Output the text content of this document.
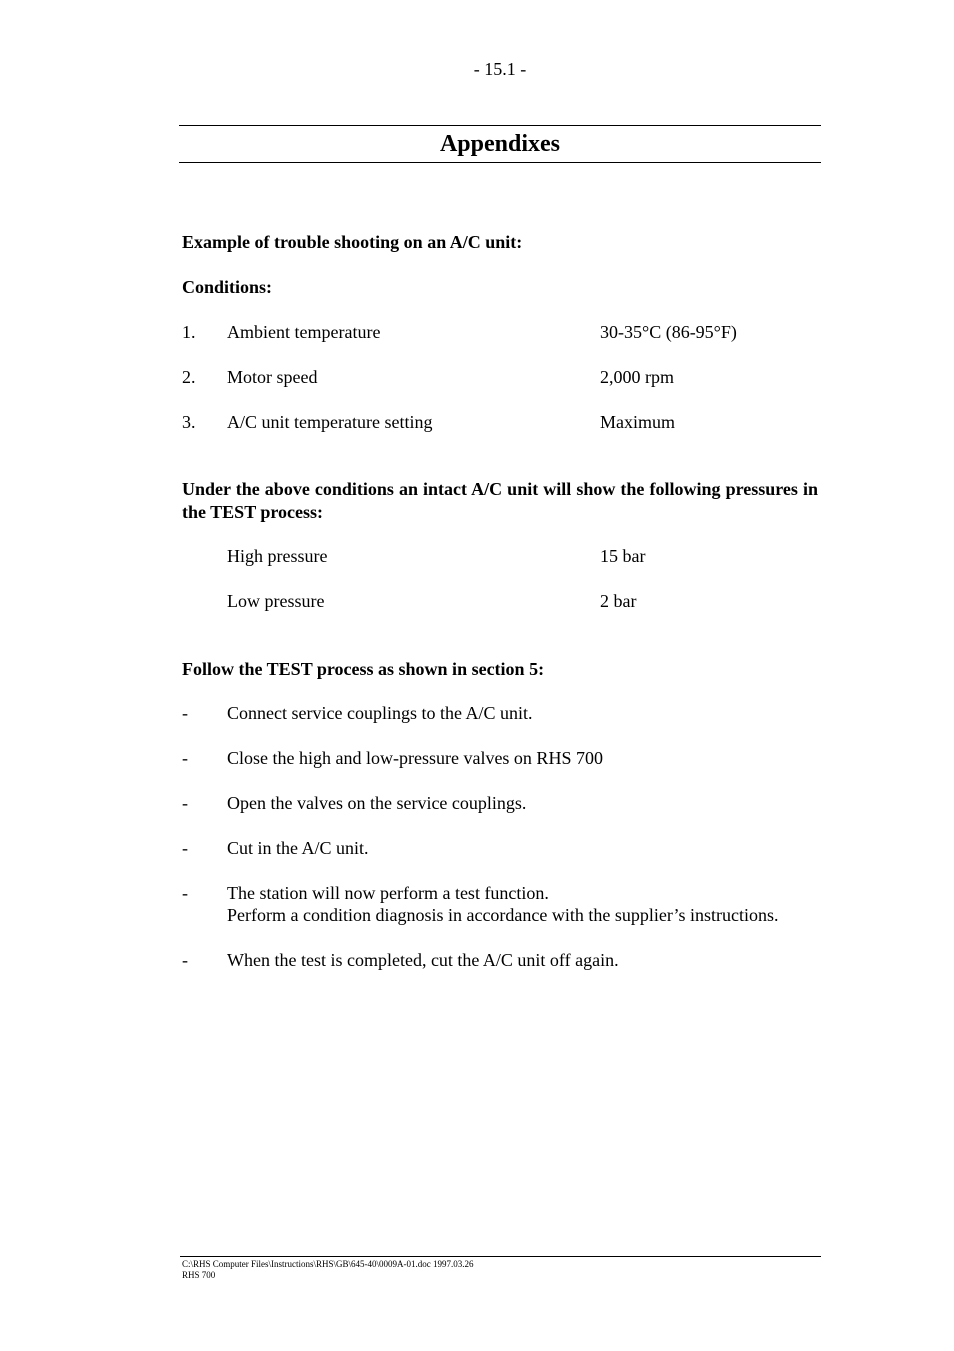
- 15.1 -
Appendixes
Example of trouble shooting on an A/C unit:
Conditions:
1. Ambient temperature	30-35°C (86-95°F)
2. Motor speed	2,000 rpm
3. A/C unit temperature setting	Maximum
Under the above conditions an intact A/C unit will show the following pressures in the TEST process:
High pressure	15 bar
Low pressure	2 bar
Follow the TEST process as shown in section 5:
- Connect service couplings to the A/C unit.
- Close the high and low-pressure valves on RHS 700
- Open the valves on the service couplings.
- Cut in the A/C unit.
- The station will now perform a test function.
Perform a condition diagnosis in accordance with the supplier’s instructions.
- When the test is completed, cut the A/C unit off again.
C:\RHS Computer Files\Instructions\RHS\GB\645-40\0009A-01.doc 1997.03.26
RHS 700
